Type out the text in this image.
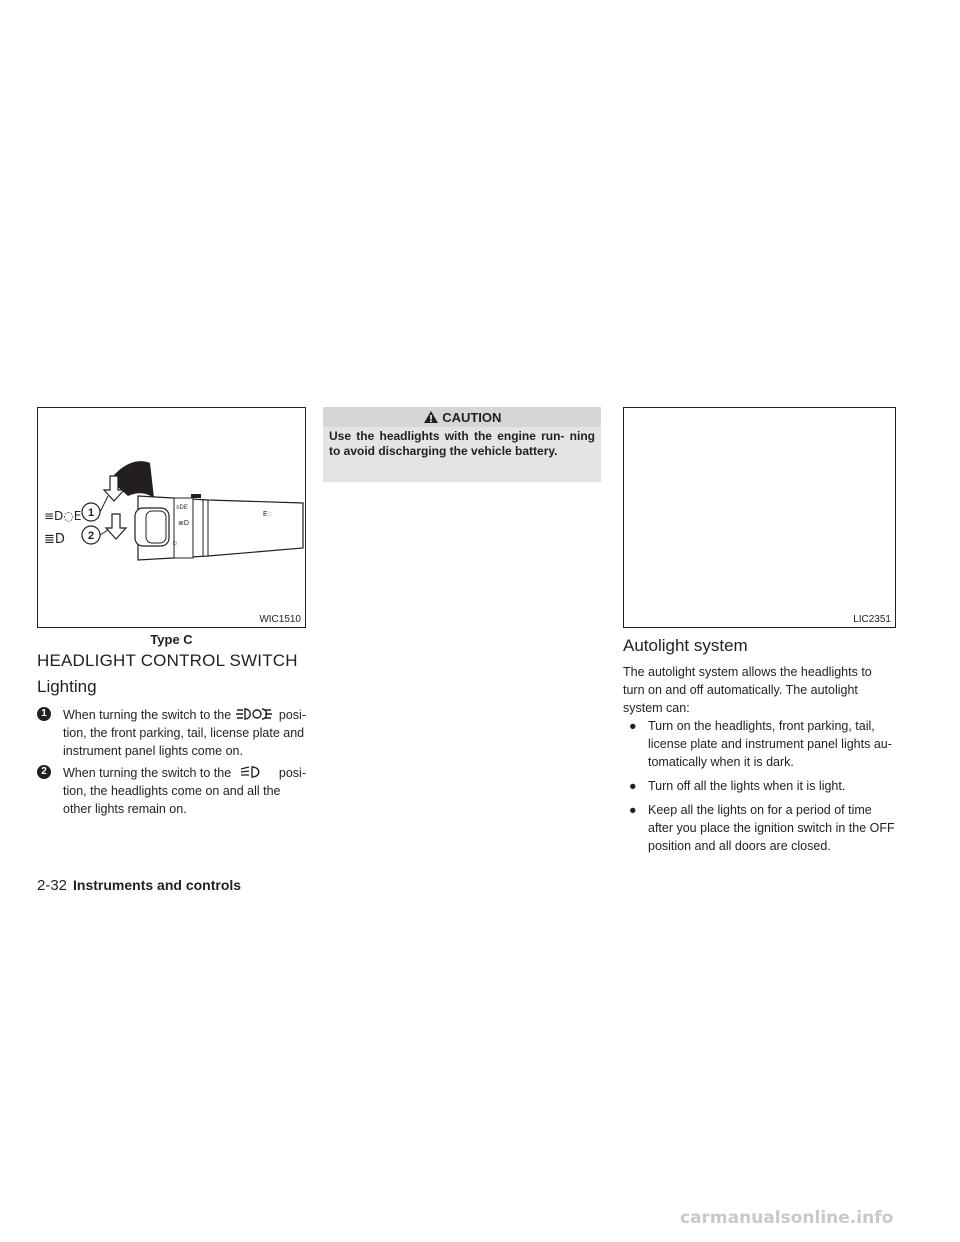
≡DE
≣D
☼
E◌
≡D◌E
≣D
1
2
WIC1510
Type C
HEADLIGHT CONTROL SWITCH
Lighting
1	When turning the switch to the	posi-
tion, the front parking, tail, license plate and instrument panel lights come on.
2	When turning the switch to the	posi-
tion, the headlights come on and all the other lights remain on.
CAUTION
Use the headlights with the engine run- ning to avoid discharging the vehicle battery.
LIC2351
Autolight system
The autolight system allows the headlights to turn on and off automatically. The autolight system can:
● Turn on the headlights, front parking, tail, license plate and instrument panel lights au- tomatically when it is dark.
● Turn off all the lights when it is light.
● Keep all the lights on for a period of time after you place the ignition switch in the OFF position and all doors are closed.
2-32 Instruments and controls
carmanualsonline.info
